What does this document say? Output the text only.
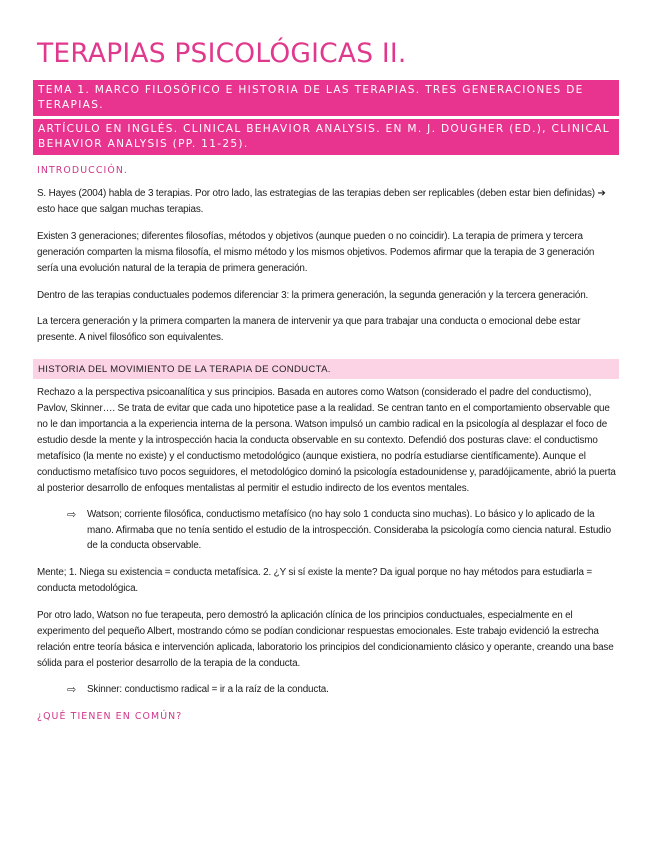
TERAPIAS PSICOLÓGICAS II.
TEMA 1. MARCO FILOSÓFICO E HISTORIA DE LAS TERAPIAS. TRES GENERACIONES DE TERAPIAS.
ARTÍCULO EN INGLÉS. CLINICAL BEHAVIOR ANALYSIS. EN M. J. DOUGHER (ED.), CLINICAL BEHAVIOR ANALYSIS (PP. 11-25).
INTRODUCCIÓN.

S. Hayes (2004) habla de 3 terapias. Por otro lado, las estrategias de las terapias deben ser replicables (deben estar bien definidas) ➔ esto hace que salgan muchas terapias.

Existen 3 generaciones; diferentes filosofías, métodos y objetivos (aunque pueden o no coincidir). La terapia de primera y tercera generación comparten la misma filosofía, el mismo método y los mismos objetivos. Podemos afirmar que la terapia de 3 generación sería una evolución natural de la terapia de primera generación.

Dentro de las terapias conductuales podemos diferenciar 3: la primera generación, la segunda generación y la tercera generación.

La tercera generación y la primera comparten la manera de intervenir ya que para trabajar una conducta o emocional debe estar presente. A nivel filosófico son equivalentes.

HISTORIA DEL MOVIMIENTO DE LA TERAPIA DE CONDUCTA.

Rechazo a la perspectiva psicoanalítica y sus principios. Basada en autores como Watson (considerado el padre del conductismo), Pavlov, Skinner…. Se trata de evitar que cada uno hipotetice pase a la realidad. Se centran tanto en el comportamiento observable que no le dan importancia a la experiencia interna de la persona. Watson impulsó un cambio radical en la psicología al desplazar el foco de estudio desde la mente y la introspección hacia la conducta observable en su contexto. Defendió dos posturas clave: el conductismo metafísico (la mente no existe) y el conductismo metodológico (aunque existiera, no podría estudiarse científicamente). Aunque el conductismo metafísico tuvo pocos seguidores, el metodológico dominó la psicología estadounidense y, paradójicamente, abrió la puerta al posterior desarrollo de enfoques mentalistas al permitir el estudio indirecto de los eventos mentales.

⇨	Watson; corriente filosófica, conductismo metafísico (no hay solo 1 conducta sino muchas). Lo básico y lo aplicado de la mano. Afirmaba que no tenía sentido el estudio de la introspección. Consideraba la psicología como ciencia natural. Estudio de la conducta observable.

Mente; 1. Niega su existencia = conducta metafísica. 2. ¿Y si sí existe la mente? Da igual porque no hay métodos para estudiarla = conducta metodológica.

Por otro lado, Watson no fue terapeuta, pero demostró la aplicación clínica de los principios conductuales, especialmente en el experimento del pequeño Albert, mostrando cómo se podían condicionar respuestas emocionales. Este trabajo evidenció la estrecha relación entre teoría básica e intervención aplicada, laboratorio los principios del condicionamiento clásico y operante, creando una base sólida para el posterior desarrollo de la terapia de la conducta.

⇨	Skinner: conductismo radical = ir a la raíz de la conducta.

¿QUÉ TIENEN EN COMÚN?
